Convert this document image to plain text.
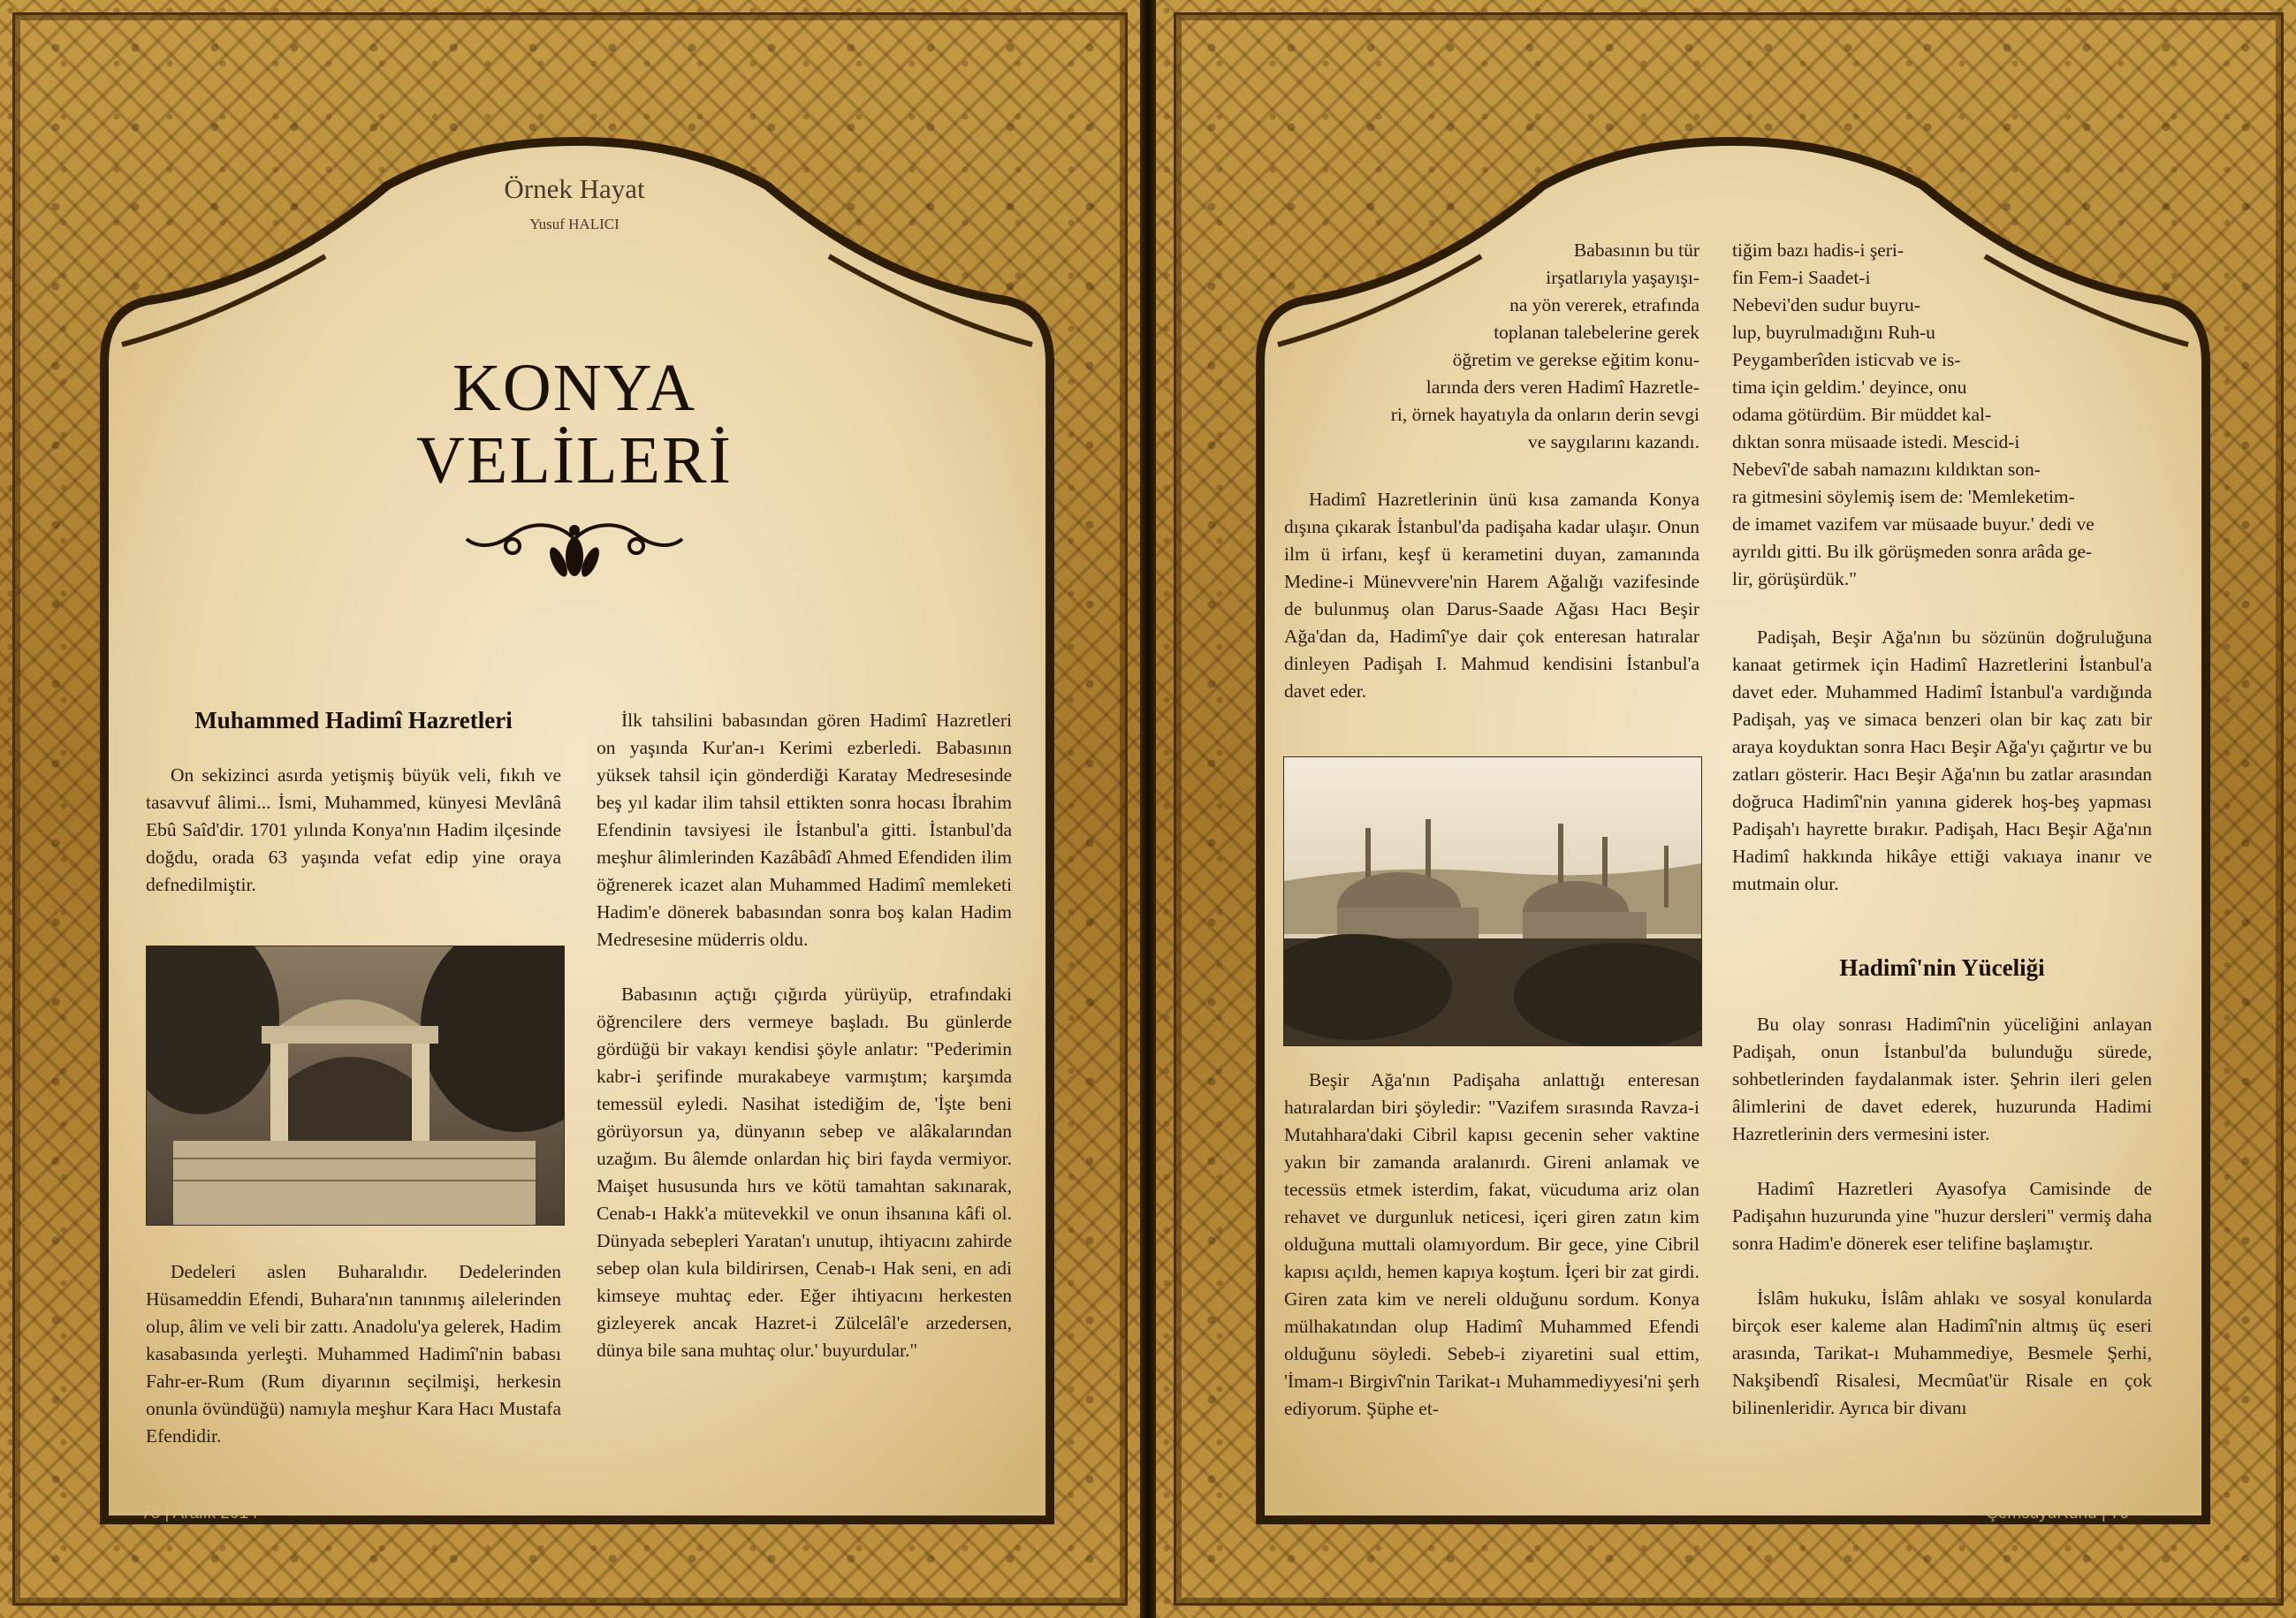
Örnek Hayat
Yusuf HALICI
KONYA
VELİLERİ
Muhammed Hadimî Hazretleri

On sekizinci asırda yetişmiş büyük veli, fıkıh ve tasavvuf âlimi... İsmi, Muhammed, künyesi Mevlânâ Ebû Saîd'dir. 1701 yılında Konya'nın Hadim ilçesinde doğdu, orada 63 yaşında vefat edip yine oraya defnedilmiştir.

Dedeleri aslen Buharalıdır. Dedelerinden Hüsameddin Efendi, Buhara'nın tanınmış ailelerinden olup, âlim ve veli bir zattı. Anadolu'ya gelerek, Hadim kasabasında yerleşti. Muhammed Hadimî'nin babası Fahr-er-Rum (Rum diyarının seçilmişi, herkesin onunla övündüğü) namıyla meşhur Kara Hacı Mustafa Efendidir.

İlk tahsilini babasından gören Hadimî Hazretleri on yaşında Kur'an-ı Kerimi ezberledi. Babasının yüksek tahsil için gönderdiği Karatay Medresesinde beş yıl kadar ilim tahsil ettikten sonra hocası İbrahim Efendinin tavsiyesi ile İstanbul'a gitti. İstanbul'da meşhur âlimlerinden Kazâbâdî Ahmed Efendiden ilim öğrenerek icazet alan Muhammed Hadimî memleketi Hadim'e dönerek babasından sonra boş kalan Hadim Medresesine müderris oldu.

Babasının açtığı çığırda yürüyüp, etrafındaki öğrencilere ders vermeye başladı. Bu günlerde gördüğü bir vakayı kendisi şöyle anlatır: "Pederimin kabr-i şerifinde murakabeye varmıştım; karşımda temessül eyledi. Nasihat istediğim de, 'İşte beni görüyorsun ya, dünyanın sebep ve alâkalarından uzağım. Bu âlemde onlardan hiç biri fayda vermiyor. Maişet hususunda hırs ve kötü tamahtan sakınarak, Cenab-ı Hakk'a mütevekkil ve onun ihsanına kâfi ol. Dünyada sebepleri Yaratan'ı unutup, ihtiyacını zahirde sebep olan kula bildirirsen, Cenab-ı Hak seni, en adi kimseye muhtaç eder. Eğer ihtiyacını herkesten gizleyerek ancak Hazret-i Zülcelâl'e arzedersen, dünya bile sana muhtaç olur.' buyurdular."

78 | Aralık 2014

Babasının bu tür
irşatlarıyla yaşayışı-
na yön vererek, etrafında
toplanan talebelerine gerek
öğretim ve gerekse eğitim konu-
larında ders veren Hadimî Hazretle-
ri, örnek hayatıyla da onların derin sevgi
ve saygılarını kazandı.

Hadimî Hazretlerinin ünü kısa zamanda Konya dışına çıkarak İstanbul'da padişaha kadar ulaşır. Onun ilm ü irfanı, keşf ü kerametini duyan, zamanında Medine-i Münevvere'nin Harem Ağalığı vazifesinde de bulunmuş olan Darus-Saade Ağası Hacı Beşir Ağa'dan da, Hadimî'ye dair çok enteresan hatıralar dinleyen Padişah I. Mahmud kendisini İstanbul'a davet eder.

Beşir Ağa'nın Padişaha anlattığı enteresan hatıralardan biri şöyledir: "Vazifem sırasında Ravza-i Mutahhara'daki Cibril kapısı gecenin seher vaktine yakın bir zamanda aralanırdı. Gireni anlamak ve tecessüs etmek isterdim, fakat, vücuduma ariz olan rehavet ve durgunluk neticesi, içeri giren zatın kim olduğuna muttali olamıyordum. Bir gece, yine Cibril kapısı açıldı, hemen kapıya koştum. İçeri bir zat girdi. Giren zata kim ve nereli olduğunu sordum. Konya mülhakatından olup Hadimî Muhammed Efendi olduğunu söyledi. Sebeb-i ziyaretini sual ettim, 'İmam-ı Birgivî'nin Tarikat-ı Muhammediyyesi'ni şerh ediyorum. Şüphe et-

tiğim bazı hadis-i şeri-
fin Fem-i Saadet-i
Nebevi'den sudur buyru-
lup, buyrulmadığını Ruh-u
Peygamberîden isticvab ve is-
tima için geldim.' deyince, onu
odama götürdüm. Bir müddet kal-
dıktan sonra müsaade istedi. Mescid-i
Nebevî'de sabah namazını kıldıktan son-
ra gitmesini söylemiş isem de: 'Memleketim-
de imamet vazifem var müsaade buyur.' dedi ve
ayrıldı gitti. Bu ilk görüşmeden sonra arâda ge-
lir, görüşürdük."

Padişah, Beşir Ağa'nın bu sözünün doğruluğuna kanaat getirmek için Hadimî Hazretlerini İstanbul'a davet eder. Muhammed Hadimî İstanbul'a vardığında Padişah, yaş ve simaca benzeri olan bir kaç zatı bir araya koyduktan sonra Hacı Beşir Ağa'yı çağırtır ve bu zatları gösterir. Hacı Beşir Ağa'nın bu zatlar arasından doğruca Hadimî'nin yanına giderek hoş-beş yapması Padişah'ı hayrette bırakır. Padişah, Hacı Beşir Ağa'nın Hadimî hakkında hikâye ettiği vakıaya inanır ve mutmain olur.

Hadimî'nin Yüceliği

Bu olay sonrası Hadimî'nin yüceliğini anlayan Padişah, onun İstanbul'da bulunduğu sürede, sohbetlerinden faydalanmak ister. Şehrin ileri gelen âlimlerini de davet ederek, huzurunda Hadimi Hazretlerinin ders vermesini ister.

Hadimî Hazretleri Ayasofya Camisinde de Padişahın huzurunda yine "huzur dersleri" vermiş daha sonra Hadim'e dönerek eser telifine başlamıştır.

İslâm hukuku, İslâm ahlakı ve sosyal konularda birçok eser kaleme alan Hadimî'nin altmış üç eseri arasında, Tarikat-ı Muhammediye, Besmele Şerhi, Nakşibendî Risalesi, Mecmûat'ür Risale en çok bilinenleridir. Ayrıca bir divanı

ŞemsuyuRuhu | 79
